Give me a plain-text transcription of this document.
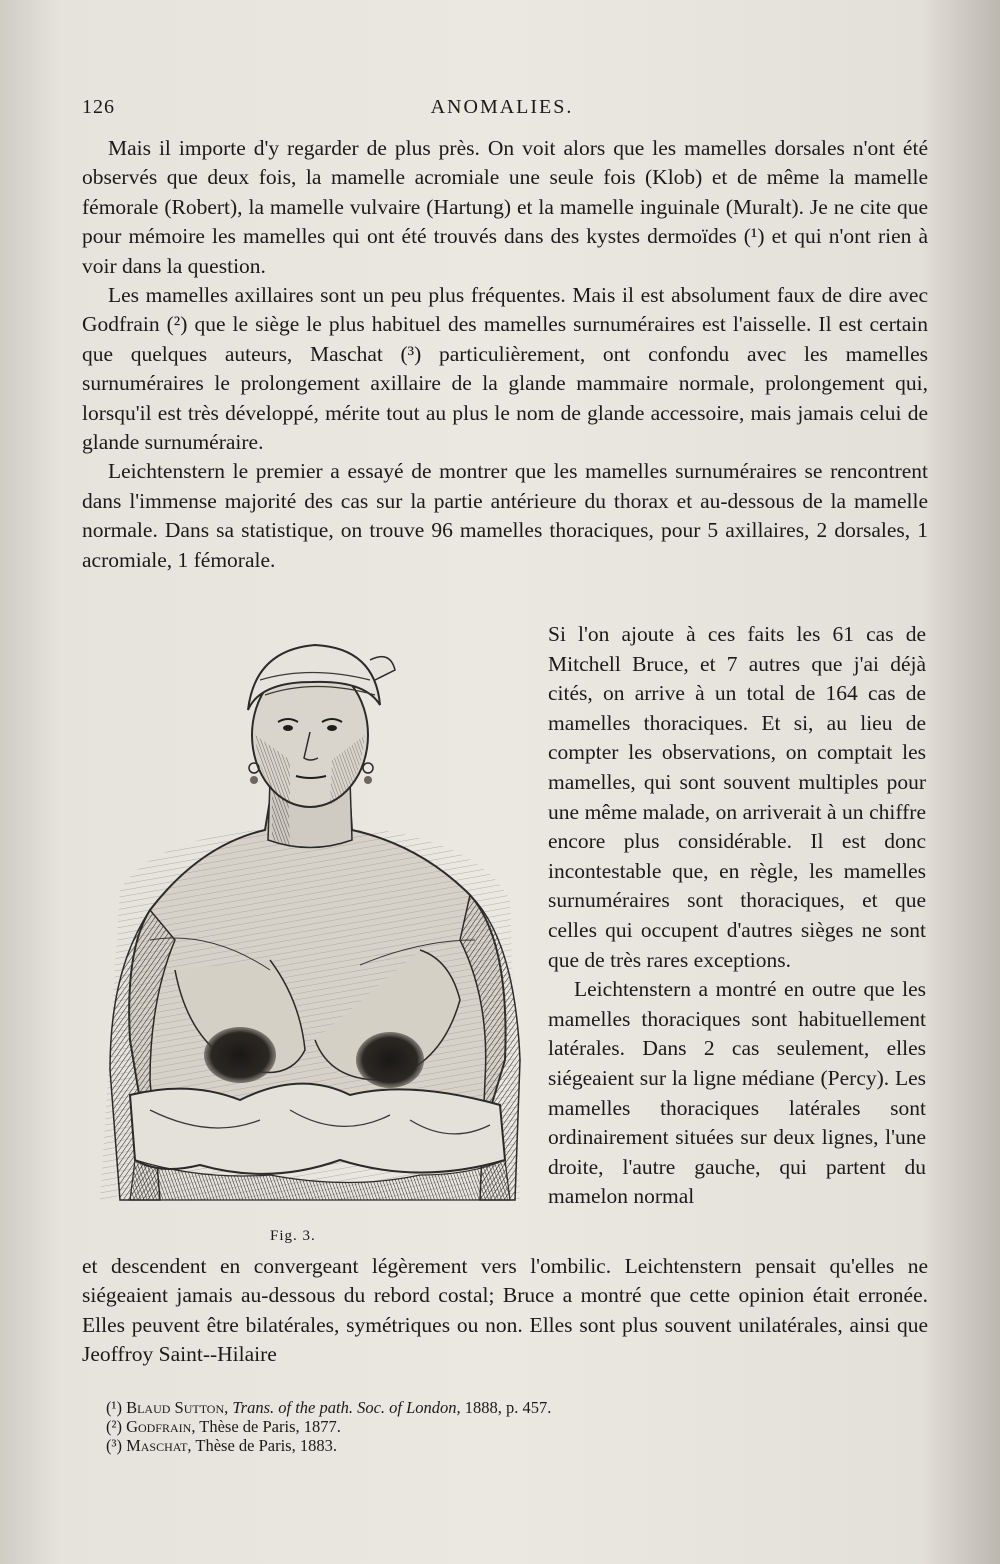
126	ANOMALIES.

Mais il importe d'y regarder de plus près. On voit alors que les mamelles dorsales n'ont été observés que deux fois, la mamelle acromiale une seule fois (Klob) et de même la mamelle fémorale (Robert), la mamelle vulvaire (Hartung) et la mamelle inguinale (Muralt). Je ne cite que pour mémoire les mamelles qui ont été trouvés dans des kystes dermoïdes (¹) et qui n'ont rien à voir dans la question.

Les mamelles axillaires sont un peu plus fréquentes. Mais il est absolument faux de dire avec Godfrain (²) que le siège le plus habituel des mamelles surnuméraires est l'aisselle. Il est certain que quelques auteurs, Maschat (³) particulièrement, ont confondu avec les mamelles surnuméraires le prolongement axillaire de la glande mammaire normale, prolongement qui, lorsqu'il est très développé, mérite tout au plus le nom de glande accessoire, mais jamais celui de glande surnuméraire.

Leichtenstern le premier a essayé de montrer que les mamelles surnuméraires se rencontrent dans l'immense majorité des cas sur la partie antérieure du thorax et au-dessous de la mamelle normale. Dans sa statistique, on trouve 96 mamelles thoraciques, pour 5 axillaires, 2 dorsales, 1 acromiale, 1 fémorale.

Fig. 3.

Si l'on ajoute à ces faits les 61 cas de Mitchell Bruce, et 7 autres que j'ai déjà cités, on arrive à un total de 164 cas de mamelles thoraciques. Et si, au lieu de compter les observations, on comptait les mamelles, qui sont souvent multiples pour une même malade, on arriverait à un chiffre encore plus considérable. Il est donc incontestable que, en règle, les mamelles surnuméraires sont thoraciques, et que celles qui occupent d'autres sièges ne sont que de très rares exceptions.

Leichtenstern a montré en outre que les mamelles thoraciques sont habituellement latérales. Dans 2 cas seulement, elles siégeaient sur la ligne médiane (Percy). Les mamelles thoraciques latérales sont ordinairement situées sur deux lignes, l'une droite, l'autre gauche, qui partent du mamelon normal

et descendent en convergeant légèrement vers l'ombilic. Leichtenstern pensait qu'elles ne siégeaient jamais au-dessous du rebord costal; Bruce a montré que cette opinion était erronée. Elles peuvent être bilatérales, symétriques ou non. Elles sont plus souvent unilatérales, ainsi que Jeoffroy Saint--Hilaire

(¹) Blaud Sutton, Trans. of the path. Soc. of London, 1888, p. 457.
(²) Godfrain, Thèse de Paris, 1877.
(³) Maschat, Thèse de Paris, 1883.
